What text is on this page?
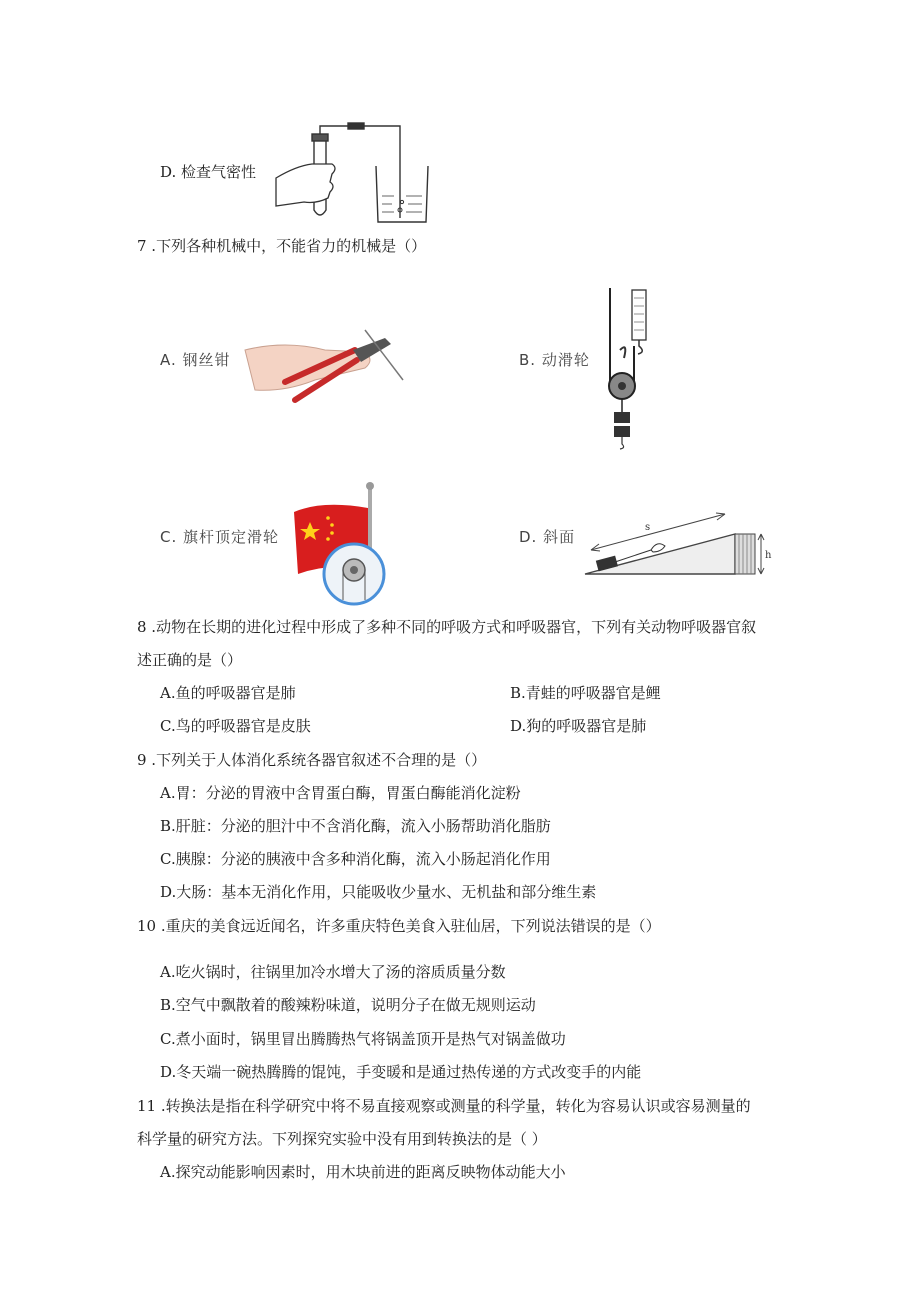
D. 检查气密性
7 .下列各种机械中，不能省力的机械是（）
A. 钢丝钳	B. 动滑轮
C. 旗杆顶定滑轮	D. 斜面
s
h
8 .动物在长期的进化过程中形成了多种不同的呼吸方式和呼吸器官，下列有关动物呼吸器官叙
述正确的是（）
A.鱼的呼吸器官是肺	B.青蛙的呼吸器官是鲤
C.鸟的呼吸器官是皮肤	D.狗的呼吸器官是肺
9 .下列关于人体消化系统各器官叙述不合理的是（）
A.胃：分泌的胃液中含胃蛋白酶，胃蛋白酶能消化淀粉
B.肝脏：分泌的胆汁中不含消化酶，流入小肠帮助消化脂肪
C.胰腺：分泌的胰液中含多种消化酶，流入小肠起消化作用
D.大肠：基本无消化作用，只能吸收少量水、无机盐和部分维生素
10 .重庆的美食远近闻名，许多重庆特色美食入驻仙居，下列说法错误的是（）
A.吃火锅时，往锅里加冷水增大了汤的溶质质量分数
B.空气中飘散着的酸辣粉味道，说明分子在做无规则运动
C.煮小面时，锅里冒出腾腾热气将锅盖顶开是热气对锅盖做功
D.冬天端一碗热腾腾的馄饨，手变暖和是通过热传递的方式改变手的内能
11 .转换法是指在科学研究中将不易直接观察或测量的科学量，转化为容易认识或容易测量的
科学量的研究方法。下列探究实验中没有用到转换法的是（ ）
A.探究动能影响因素时，用木块前进的距离反映物体动能大小
